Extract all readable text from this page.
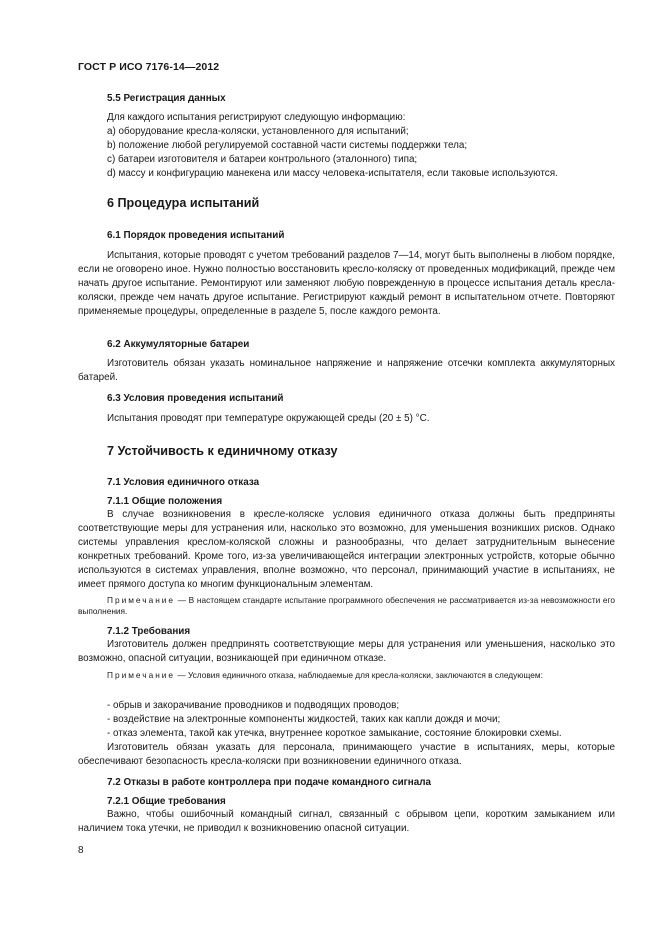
ГОСТ Р ИСО 7176-14—2012
5.5 Регистрация данных

Для каждого испытания регистрируют следующую информацию:

a) оборудование кресла-коляски, установленного для испытаний;

b) положение любой регулируемой составной части системы поддержки тела;

c) батареи изготовителя и батареи контрольного (эталонного) типа;

d) массу и конфигурацию манекена или массу человека-испытателя, если таковые используются.

6 Процедура испытаний
6.1 Порядок проведения испытаний

Испытания, которые проводят с учетом требований разделов 7—14, могут быть выполнены в любом порядке, если не оговорено иное. Нужно полностью восстановить кресло-коляску от проведенных модификаций, прежде чем начать другое испытание. Ремонтируют или заменяют любую поврежденную в процессе испытания деталь кресла-коляски, прежде чем начать другое испытание. Регистрируют каждый ремонт в испытательном отчете. Повторяют применяемые процедуры, определенные в разделе 5, после каждого ремонта.

6.2 Аккумуляторные батареи

Изготовитель обязан указать номинальное напряжение и напряжение отсечки комплекта аккумуляторных батарей.

6.3 Условия проведения испытаний

Испытания проводят при температуре окружающей среды (20 ± 5) °С.

7 Устойчивость к единичному отказу
7.1 Условия единичного отказа
7.1.1 Общие положения

В случае возникновения в кресле-коляске условия единичного отказа должны быть предприняты соответствующие меры для устранения или, насколько это возможно, для уменьшения возникших рисков. Однако системы управления креслом-коляской сложны и разнообразны, что делает затруднительным вынесение конкретных требований. Кроме того, из-за увеличивающейся интеграции электронных устройств, которые обычно используются в системах управления, вполне возможно, что персонал, принимающий участие в испытаниях, не имеет прямого доступа ко многим функциональным элементам.

Примечание — В настоящем стандарте испытание программного обеспечения не рассматривается из-за невозможности его выполнения.

7.1.2 Требования

Изготовитель должен предпринять соответствующие меры для устранения или уменьшения, насколько это возможно, опасной ситуации, возникающей при единичном отказе.

Примечание — Условия единичного отказа, наблюдаемые для кресла-коляски, заключаются в следующем:

- обрыв и закорачивание проводников и подводящих проводов;

- воздействие на электронные компоненты жидкостей, таких как капли дождя и мочи;

- отказ элемента, такой как утечка, внутреннее короткое замыкание, состояние блокировки схемы.

Изготовитель обязан указать для персонала, принимающего участие в испытаниях, меры, которые обеспечивают безопасность кресла-коляски при возникновении единичного отказа.

7.2 Отказы в работе контроллера при подаче командного сигнала
7.2.1 Общие требования

Важно, чтобы ошибочный командный сигнал, связанный с обрывом цепи, коротким замыканием или наличием тока утечки, не приводил к возникновению опасной ситуации.

8
